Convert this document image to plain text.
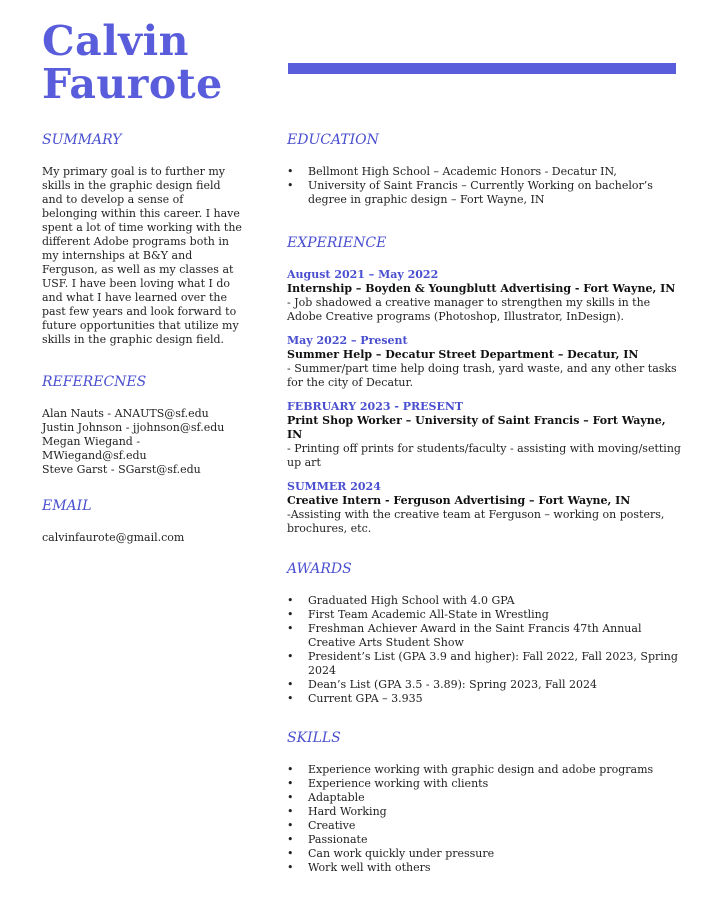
Calvin
Faurote
SUMMARY

My primary goal is to further my skills in the graphic design field and to develop a sense of belonging within this career. I have spent a lot of time working with the different Adobe programs both in my internships at B&Y and Ferguson, as well as my classes at USF. I have been loving what I do and what I have learned over the past few years and look forward to future opportunities that utilize my skills in the graphic design field.

REFERECNES
Alan Nauts - ANAUTS@sf.edu
Justin Johnson - jjohnson@sf.edu
Megan Wiegand - MWiegand@sf.edu
Steve Garst - SGarst@sf.edu
EMAIL
calvinfaurote@gmail.com
EDUCATION
• Bellmont High School – Academic Honors - Decatur IN,
• University of Saint Francis – Currently Working on bachelor’s degree in graphic design – Fort Wayne, IN
EXPERIENCE
August 2021 – May 2022
Internship – Boyden & Youngblutt Advertising - Fort Wayne, IN

- Job shadowed a creative manager to strengthen my skills in the Adobe Creative programs (Photoshop, Illustrator, InDesign).

May 2022 – Present
Summer Help – Decatur Street Department – Decatur, IN

- Summer/part time help doing trash, yard waste, and any other tasks for the city of Decatur.

FEBRUARY 2023 - PRESENT
Print Shop Worker – University of Saint Francis – Fort Wayne, IN

- Printing off prints for students/faculty - assisting with moving/setting up art

SUMMER 2024
Creative Intern - Ferguson Advertising – Fort Wayne, IN

-Assisting with the creative team at Ferguson – working on posters, brochures, etc.

AWARDS
• Graduated High School with 4.0 GPA
• First Team Academic All-State in Wrestling
• Freshman Achiever Award in the Saint Francis 47th Annual Creative Arts Student Show
• President’s List (GPA 3.9 and higher): Fall 2022, Fall 2023, Spring 2024
• Dean’s List (GPA 3.5 - 3.89): Spring 2023, Fall 2024
• Current GPA – 3.935
SKILLS
• Experience working with graphic design and adobe programs
• Experience working with clients
• Adaptable
• Hard Working
• Creative
• Passionate
• Can work quickly under pressure
• Work well with others
